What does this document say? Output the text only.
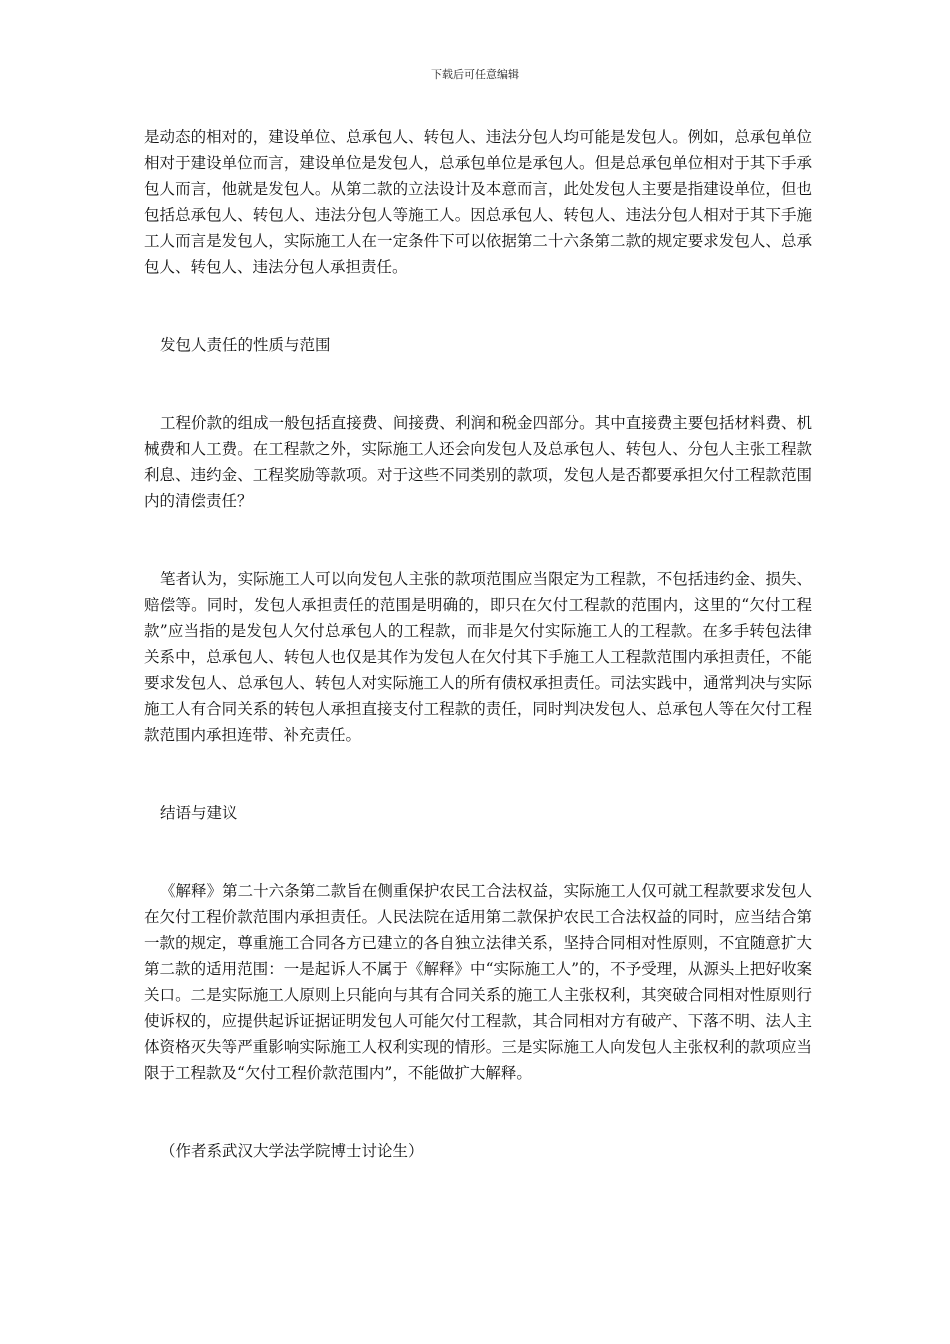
下载后可任意编辑

是动态的相对的，建设单位、总承包人、转包人、违法分包人均可能是发包人。例如，总承包单位相对于建设单位而言，建设单位是发包人，总承包单位是承包人。但是总承包单位相对于其下手承包人而言，他就是发包人。从第二款的立法设计及本意而言，此处发包人主要是指建设单位，但也包括总承包人、转包人、违法分包人等施工人。因总承包人、转包人、违法分包人相对于其下手施工人而言是发包人，实际施工人在一定条件下可以依据第二十六条第二款的规定要求发包人、总承包人、转包人、违法分包人承担责任。

发包人责任的性质与范围

工程价款的组成一般包括直接费、间接费、利润和税金四部分。其中直接费主要包括材料费、机械费和人工费。在工程款之外，实际施工人还会向发包人及总承包人、转包人、分包人主张工程款利息、违约金、工程奖励等款项。对于这些不同类别的款项，发包人是否都要承担欠付工程款范围内的清偿责任？

笔者认为，实际施工人可以向发包人主张的款项范围应当限定为工程款，不包括违约金、损失、赔偿等。同时，发包人承担责任的范围是明确的，即只在欠付工程款的范围内，这里的“欠付工程款”应当指的是发包人欠付总承包人的工程款，而非是欠付实际施工人的工程款。在多手转包法律关系中，总承包人、转包人也仅是其作为发包人在欠付其下手施工人工程款范围内承担责任，不能要求发包人、总承包人、转包人对实际施工人的所有债权承担责任。司法实践中，通常判决与实际施工人有合同关系的转包人承担直接支付工程款的责任，同时判决发包人、总承包人等在欠付工程款范围内承担连带、补充责任。

结语与建议

《解释》第二十六条第二款旨在侧重保护农民工合法权益，实际施工人仅可就工程款要求发包人在欠付工程价款范围内承担责任。人民法院在适用第二款保护农民工合法权益的同时，应当结合第一款的规定，尊重施工合同各方已建立的各自独立法律关系，坚持合同相对性原则，不宜随意扩大第二款的适用范围：一是起诉人不属于《解释》中“实际施工人”的，不予受理，从源头上把好收案关口。二是实际施工人原则上只能向与其有合同关系的施工人主张权利，其突破合同相对性原则行使诉权的，应提供起诉证据证明发包人可能欠付工程款，其合同相对方有破产、下落不明、法人主体资格灭失等严重影响实际施工人权利实现的情形。三是实际施工人向发包人主张权利的款项应当限于工程款及“欠付工程价款范围内”，不能做扩大解释。

（作者系武汉大学法学院博士讨论生）
